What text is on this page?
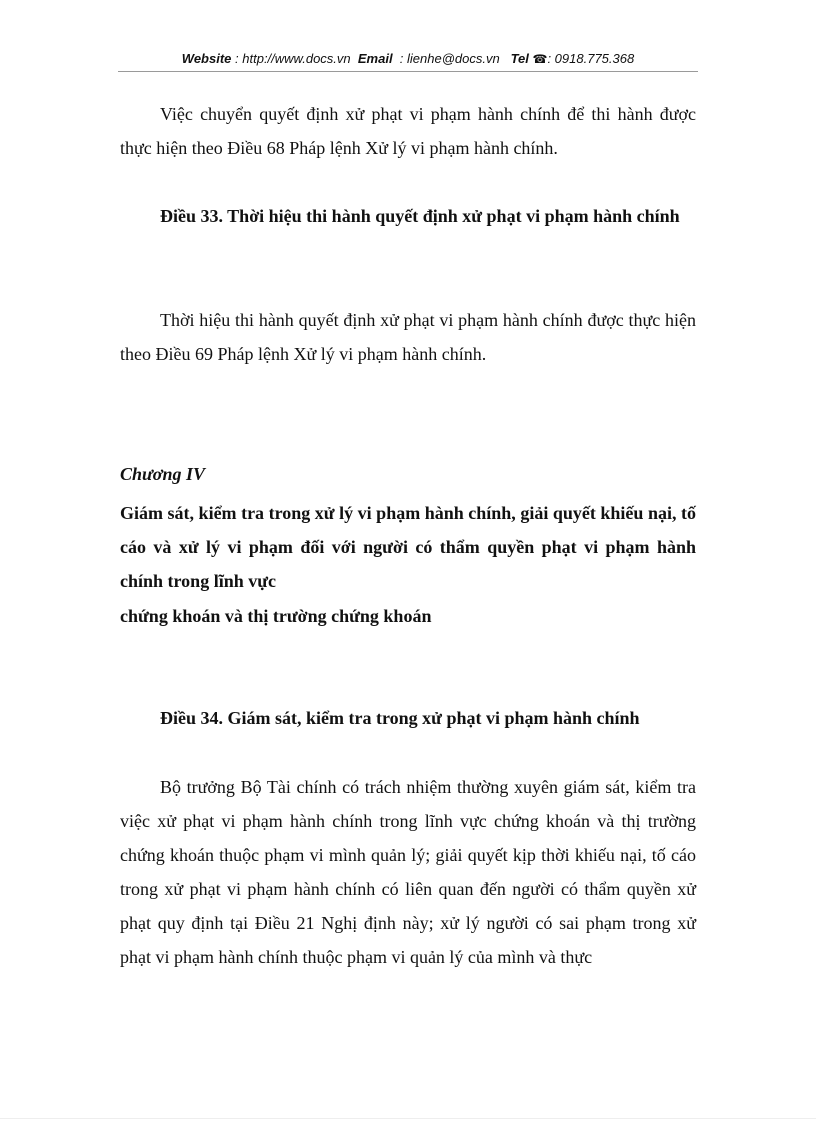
Website : http://www.docs.vn Email : lienhe@docs.vn Tel ☎: 0918.775.368

Việc chuyển quyết định xử phạt vi phạm hành chính để thi hành được thực hiện theo Điều 68 Pháp lệnh Xử lý vi phạm hành chính.

Điều 33. Thời hiệu thi hành quyết định xử phạt vi phạm hành chính

Thời hiệu thi hành quyết định xử phạt vi phạm hành chính được thực hiện theo Điều 69 Pháp lệnh Xử lý vi phạm hành chính.

Chương IV

Giám sát, kiểm tra trong xử lý vi phạm hành chính, giải quyết khiếu nại, tố cáo và xử lý vi phạm đối với người có thẩm quyền phạt vi phạm hành chính trong lĩnh vực

chứng khoán và thị trường chứng khoán

Điều 34. Giám sát, kiểm tra trong xử phạt vi phạm hành chính

Bộ trưởng Bộ Tài chính có trách nhiệm thường xuyên giám sát, kiểm tra việc xử phạt vi phạm hành chính trong lĩnh vực chứng khoán và thị trường chứng khoán thuộc phạm vi mình quản lý; giải quyết kịp thời khiếu nại, tố cáo trong xử phạt vi phạm hành chính có liên quan đến người có thẩm quyền xử phạt quy định tại Điều 21 Nghị định này; xử lý người có sai phạm trong xử phạt vi phạm hành chính thuộc phạm vi quản lý của mình và thực
